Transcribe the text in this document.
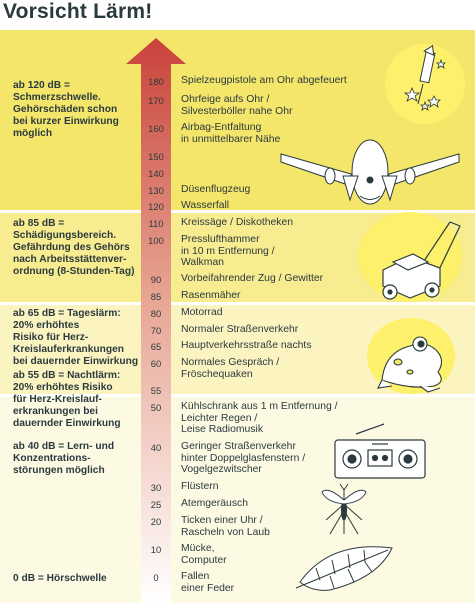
Vorsicht Lärm!
ab 120 dB =
Schmerzschwelle.
Gehörschäden schon
bei kurzer Einwirkung
möglich
ab 85 dB =
Schädigungsbereich.
Gefährdung des Gehörs
nach Arbeitsstättenver-
ordnung (8-Stunden-Tag)
ab 65 dB = Tageslärm:
20% erhöhtes
Risiko für Herz-
Kreislauferkrankungen
bei dauernder Einwirkung
ab 55 dB = Nachtlärm:
20% erhöhtes Risiko
für Herz-Kreislauf-
erkrankungen bei
dauernder Einwirkung
ab 40 dB = Lern- und
Konzentrations-
störungen möglich
0 dB = Hörschwelle
180
170
160
150
140
130
120
110
100
90
85
80
70
65
60
55
50
40
30
25
20
10
0
Spielzeugpistole am Ohr abgefeuert
Ohrfeige aufs Ohr /
Silvesterböller nahe Ohr
Airbag-Entfaltung
in unmittelbarer Nähe
Düsenflugzeug
Wasserfall
Kreissäge / Diskotheken
Presslufthammer
in 10 m Entfernung /
Walkman
Vorbeifahrender Zug / Gewitter
Rasenmäher
Motorrad
Normaler Straßenverkehr
Hauptverkehrsstraße nachts
Normales Gespräch /
Fröschequaken
Kühlschrank aus 1 m Entfernung /
Leichter Regen /
Leise Radiomusik
Geringer Straßenverkehr
hinter Doppelglasfenstern /
Vogelgezwitscher
Flüstern
Atemgeräusch
Ticken einer Uhr /
Rascheln von Laub
Mücke,
Computer
Fallen
einer Feder
